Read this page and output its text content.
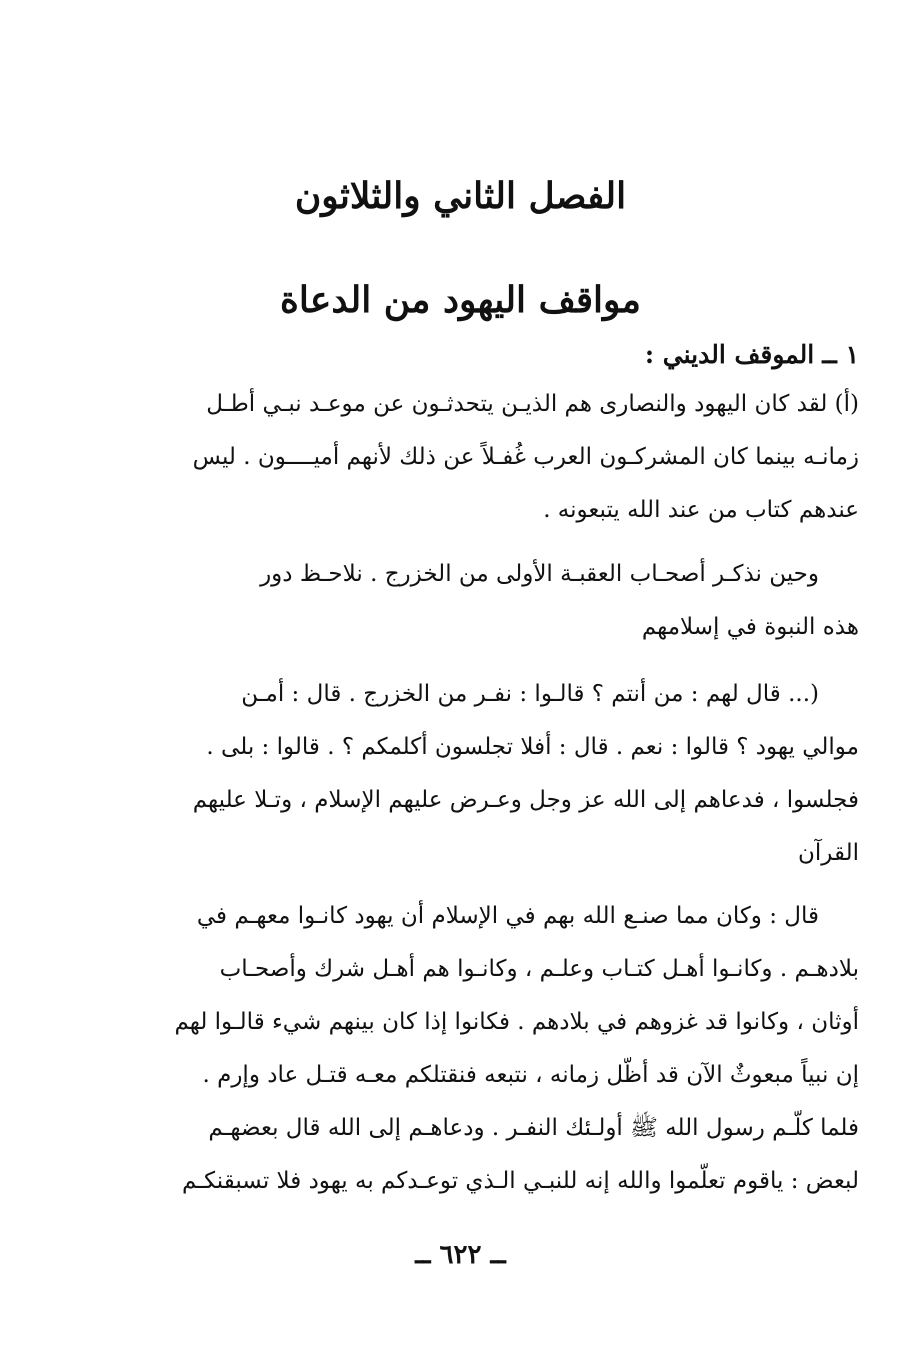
الفصل الثاني والثلاثون
مواقف اليهود من الدعاة
١ ــ الموقف الديني :
(أ) لقد كان اليهود والنصارى هم الذيـن يتحدثـون عن موعـد نبـي أطـل
زمانـه بينما كان المشركـون العرب غُفـلاً عن ذلك لأنهم أميــــون . ليس
عندهم كتاب من عند الله يتبعونه .
وحين نذكـر أصحـاب العقبـة الأولى من الخزرج . نلاحـظ دور
هذه النبوة في إسلامهم
(... قال لهم : من أنتم ؟ قالـوا : نفـر من الخزرج . قال : أمـن
موالي يهود ؟ قالوا : نعم . قال : أفلا تجلسون أكلمكم ؟ . قالوا : بلى .
فجلسوا ، فدعاهم إلى الله عز وجل وعـرض عليهم الإسلام ، وتـلا عليهم
القرآن
قال : وكان مما صنـع الله بهم في الإسلام أن يهود كانـوا معهـم في
بلادهـم . وكانـوا أهـل كتـاب وعلـم ، وكانـوا هم أهـل شرك وأصحـاب
أوثان ، وكانوا قد غزوهم في بلادهم . فكانوا إذا كان بينهم شيء قالـوا لهم
إن نبياً مبعوثٌ الآن قد أظّل زمانه ، نتبعه فنقتلكم معـه قتـل عاد وإرم .
فلما كلّـم رسول الله ﷺ أولـئك النفـر . ودعاهـم إلى الله قال بعضهـم
لبعض : ياقوم تعلّموا والله إنه للنبـي الـذي توعـدكم به يهود فلا تسبقنكـم
ــ ٦٢٢ ــ
